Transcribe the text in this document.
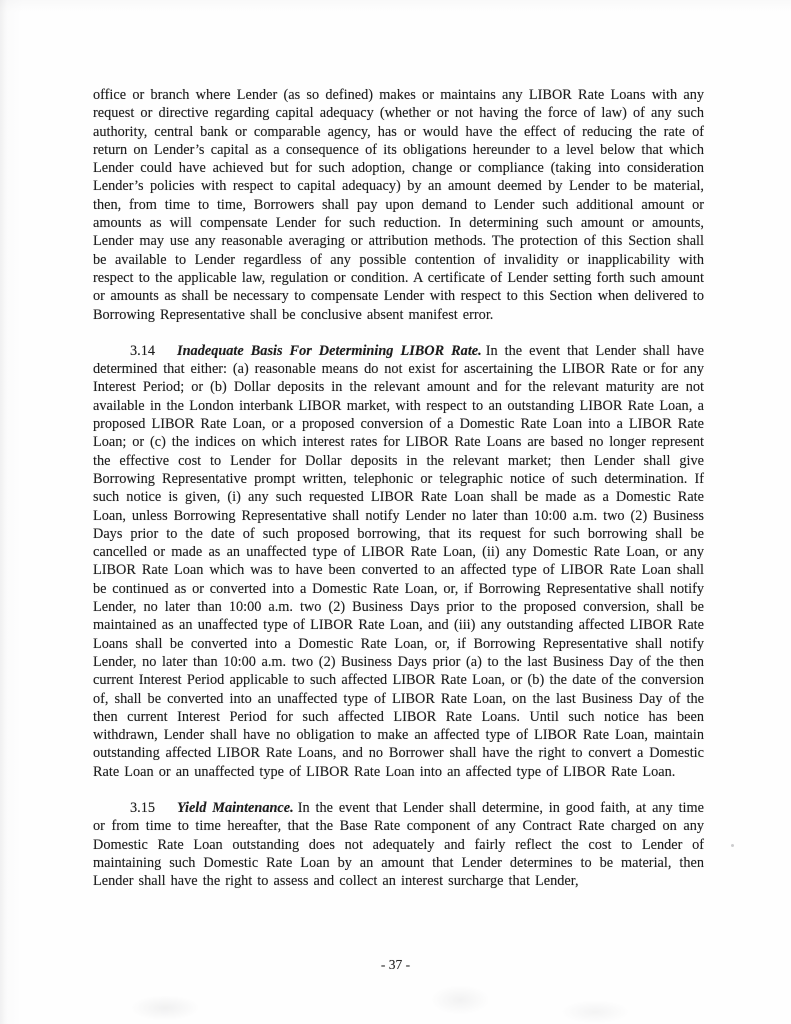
office or branch where Lender (as so defined) makes or maintains any LIBOR Rate Loans with any request or directive regarding capital adequacy (whether or not having the force of law) of any such authority, central bank or comparable agency, has or would have the effect of reducing the rate of return on Lender’s capital as a consequence of its obligations hereunder to a level below that which Lender could have achieved but for such adoption, change or compliance (taking into consideration Lender’s policies with respect to capital adequacy) by an amount deemed by Lender to be material, then, from time to time, Borrowers shall pay upon demand to Lender such additional amount or amounts as will compensate Lender for such reduction. In determining such amount or amounts, Lender may use any reasonable averaging or attribution methods. The protection of this Section shall be available to Lender regardless of any possible contention of invalidity or inapplicability with respect to the applicable law, regulation or condition. A certificate of Lender setting forth such amount or amounts as shall be necessary to compensate Lender with respect to this Section when delivered to Borrowing Representative shall be conclusive absent manifest error.

3.14 Inadequate Basis For Determining LIBOR Rate. In the event that Lender shall have determined that either: (a) reasonable means do not exist for ascertaining the LIBOR Rate or for any Interest Period; or (b) Dollar deposits in the relevant amount and for the relevant maturity are not available in the London interbank LIBOR market, with respect to an outstanding LIBOR Rate Loan, a proposed LIBOR Rate Loan, or a proposed conversion of a Domestic Rate Loan into a LIBOR Rate Loan; or (c) the indices on which interest rates for LIBOR Rate Loans are based no longer represent the effective cost to Lender for Dollar deposits in the relevant market; then Lender shall give Borrowing Representative prompt written, telephonic or telegraphic notice of such determination. If such notice is given, (i) any such requested LIBOR Rate Loan shall be made as a Domestic Rate Loan, unless Borrowing Representative shall notify Lender no later than 10:00 a.m. two (2) Business Days prior to the date of such proposed borrowing, that its request for such borrowing shall be cancelled or made as an unaffected type of LIBOR Rate Loan, (ii) any Domestic Rate Loan, or any LIBOR Rate Loan which was to have been converted to an affected type of LIBOR Rate Loan shall be continued as or converted into a Domestic Rate Loan, or, if Borrowing Representative shall notify Lender, no later than 10:00 a.m. two (2) Business Days prior to the proposed conversion, shall be maintained as an unaffected type of LIBOR Rate Loan, and (iii) any outstanding affected LIBOR Rate Loans shall be converted into a Domestic Rate Loan, or, if Borrowing Representative shall notify Lender, no later than 10:00 a.m. two (2) Business Days prior (a) to the last Business Day of the then current Interest Period applicable to such affected LIBOR Rate Loan, or (b) the date of the conversion of, shall be converted into an unaffected type of LIBOR Rate Loan, on the last Business Day of the then current Interest Period for such affected LIBOR Rate Loans. Until such notice has been withdrawn, Lender shall have no obligation to make an affected type of LIBOR Rate Loan, maintain outstanding affected LIBOR Rate Loans, and no Borrower shall have the right to convert a Domestic Rate Loan or an unaffected type of LIBOR Rate Loan into an affected type of LIBOR Rate Loan.

3.15 Yield Maintenance. In the event that Lender shall determine, in good faith, at any time or from time to time hereafter, that the Base Rate component of any Contract Rate charged on any Domestic Rate Loan outstanding does not adequately and fairly reflect the cost to Lender of maintaining such Domestic Rate Loan by an amount that Lender determines to be material, then Lender shall have the right to assess and collect an interest surcharge that Lender,

- 37 -
